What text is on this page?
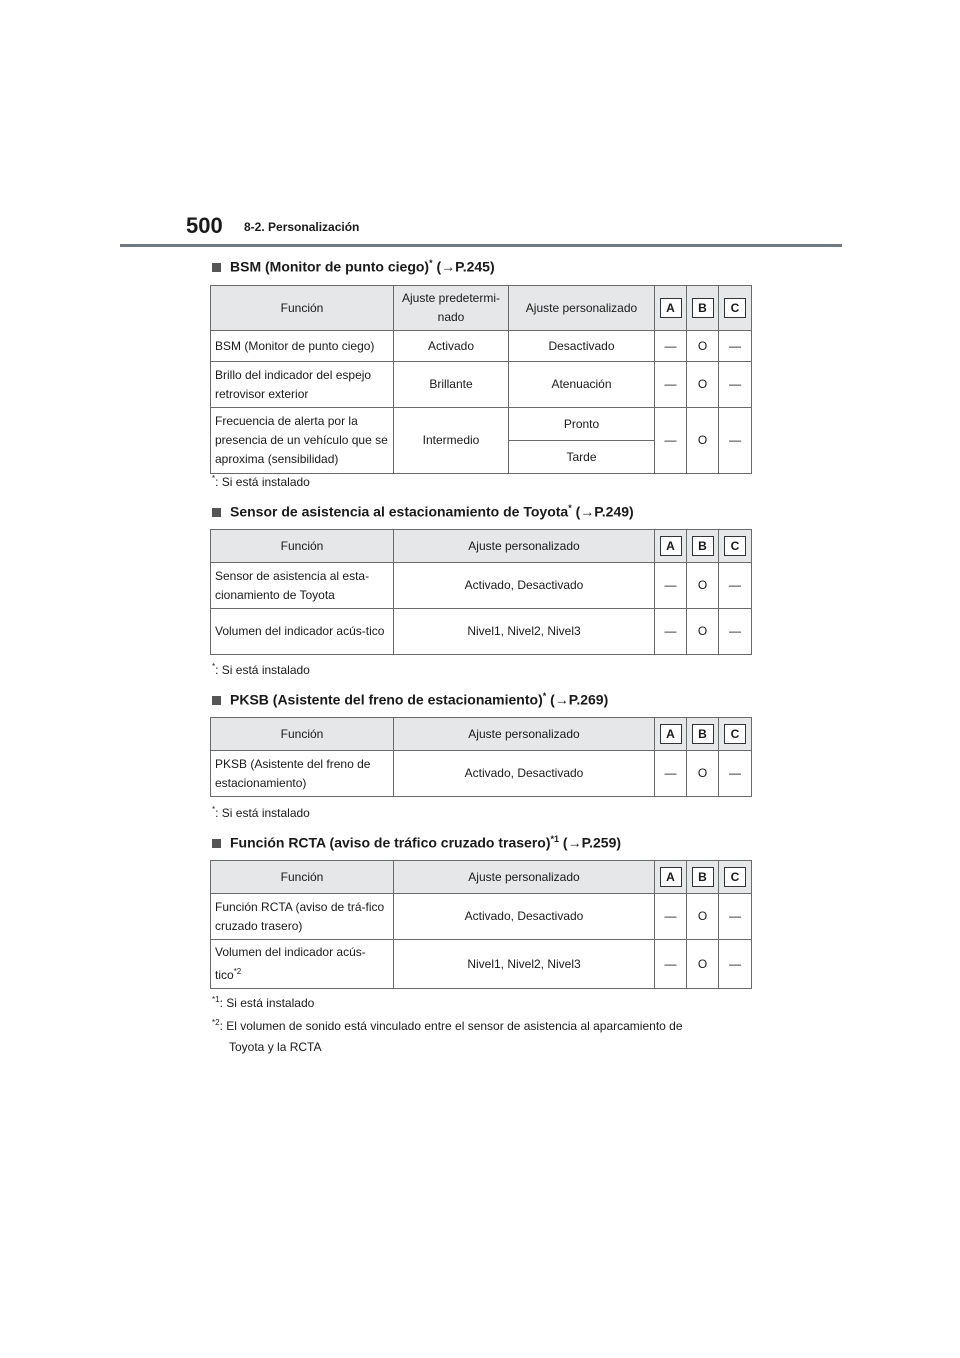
500 8-2. Personalización
BSM (Monitor de punto ciego)* (→P.245)
Función	Ajuste predetermi-nado	Ajuste personalizado	A	B	C
BSM (Monitor de punto ciego)	Activado	Desactivado	—	O	—
Brillo del indicador del espejo retrovisor exterior	Brillante	Atenuación	—	O	—
Frecuencia de alerta por la presencia de un vehículo que se aproxima (sensibilidad)	Intermedio	Pronto	—	O	—
		Tarde			
*: Si está instalado
Sensor de asistencia al estacionamiento de Toyota* (→P.249)
Función	Ajuste personalizado	A	B	C
Sensor de asistencia al esta-cionamiento de Toyota	Activado, Desactivado	—	O	—
Volumen del indicador acús-tico	Nivel1, Nivel2, Nivel3	—	O	—
*: Si está instalado
PKSB (Asistente del freno de estacionamiento)* (→P.269)
Función	Ajuste personalizado	A	B	C
PKSB (Asistente del freno de estacionamiento)	Activado, Desactivado	—	O	—
*: Si está instalado
Función RCTA (aviso de tráfico cruzado trasero)$^{*1}$ (→P.259)
Función	Ajuste personalizado	A	B	C
Función RCTA (aviso de trá-fico cruzado trasero)	Activado, Desactivado	—	O	—
Volumen del indicador acús-tico$^{*2}$	Nivel1, Nivel2, Nivel3	—	O	—
$^{*1}$: Si está instalado
$^{*2}$: El volumen de sonido está vinculado entre el sensor de asistencia al aparcamiento de
Toyota y la RCTA
